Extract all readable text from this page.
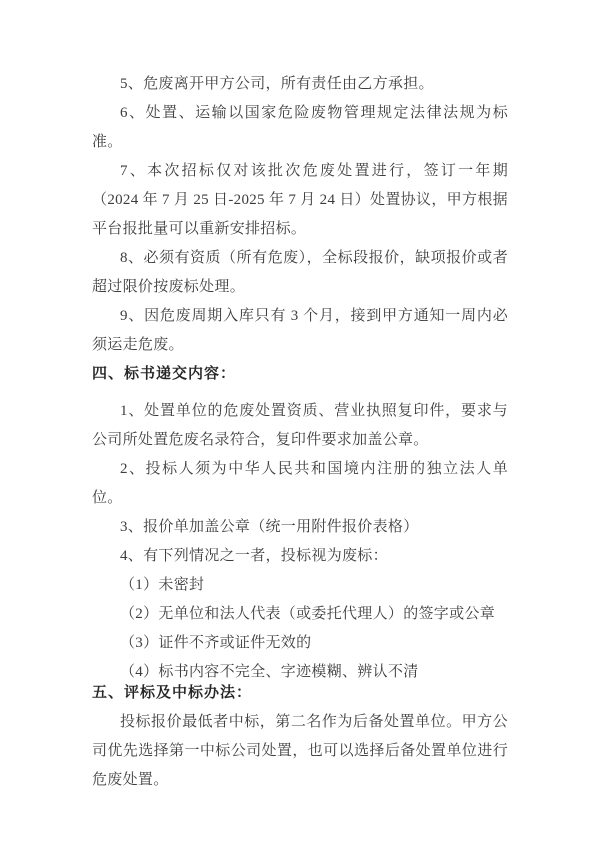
5、危废离开甲方公司，所有责任由乙方承担。

6、处置、运输以国家危险废物管理规定法律法规为标准。

7、本次招标仅对该批次危废处置进行，签订一年期（2024 年 7 月 25 日-2025 年 7 月 24 日）处置协议，甲方根据平台报批量可以重新安排招标。

8、必须有资质（所有危废），全标段报价，缺项报价或者超过限价按废标处理。

9、因危废周期入库只有 3 个月，接到甲方通知一周内必须运走危废。

四、标书递交内容：

1、处置单位的危废处置资质、营业执照复印件，要求与公司所处置危废名录符合，复印件要求加盖公章。

2、投标人须为中华人民共和国境内注册的独立法人单位。

3、报价单加盖公章（统一用附件报价表格）

4、有下列情况之一者，投标视为废标：

（1）未密封

（2）无单位和法人代表（或委托代理人）的签字或公章

（3）证件不齐或证件无效的

（4）标书内容不完全、字迹模糊、辨认不清

五、评标及中标办法：

投标报价最低者中标，第二名作为后备处置单位。甲方公司优先选择第一中标公司处置，也可以选择后备处置单位进行危废处置。
